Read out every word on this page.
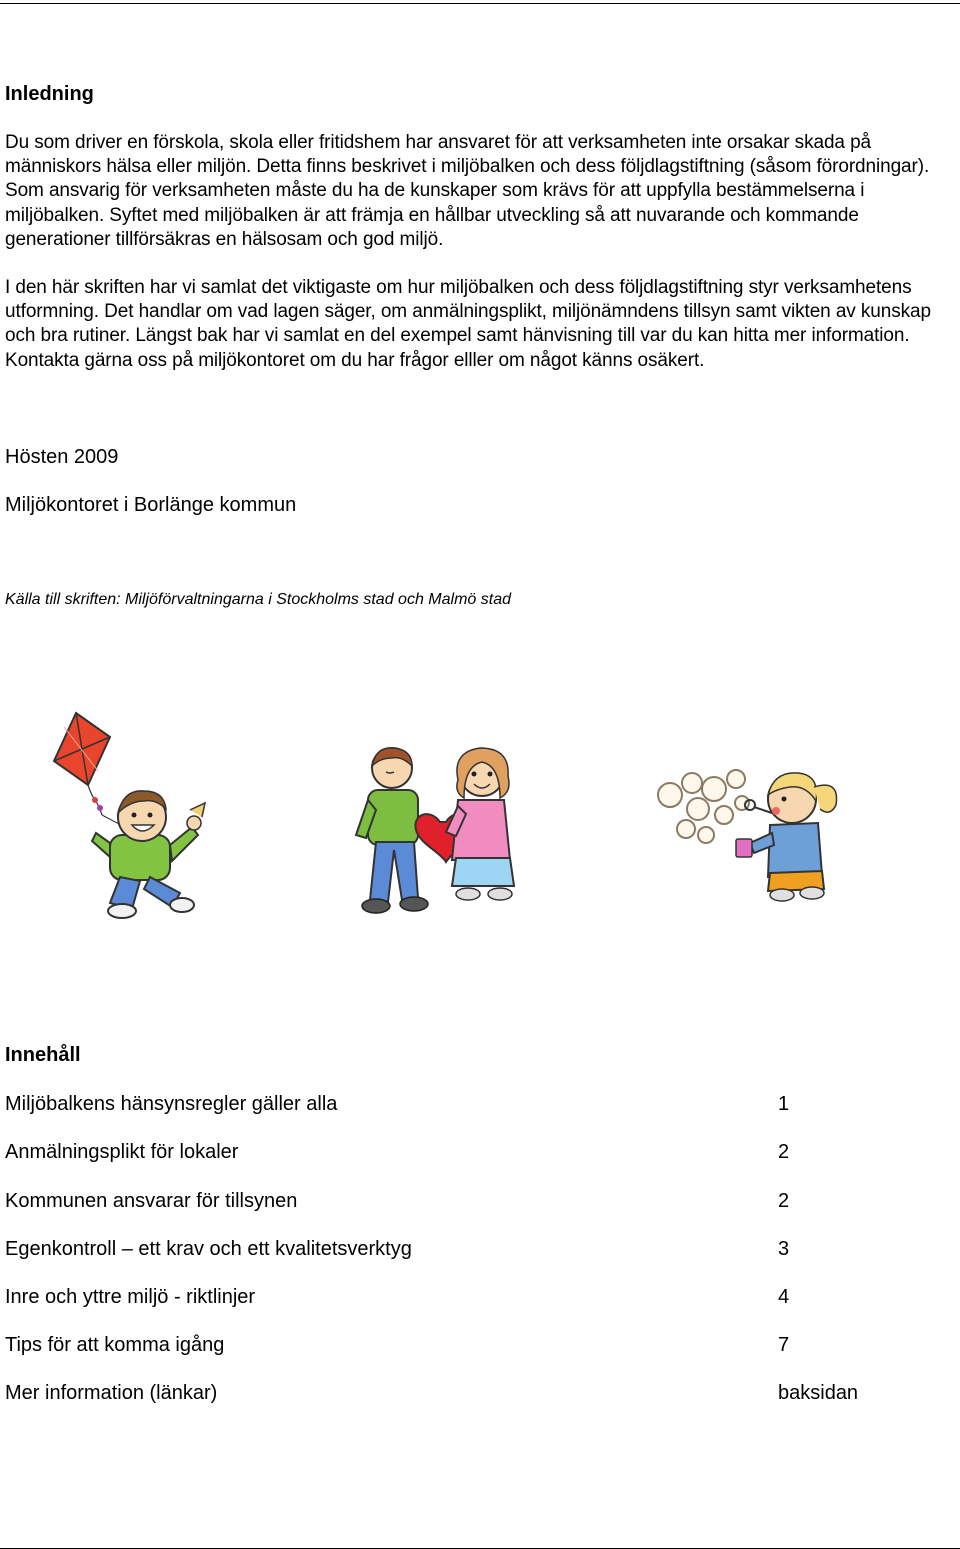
Inledning

Du som driver en förskola, skola eller fritidshem har ansvaret för att verksamheten inte orsakar skada på människors hälsa eller miljön. Detta finns beskrivet i miljöbalken och dess följdlagstiftning (såsom förordningar). Som ansvarig för verksamheten måste du ha de kunskaper som krävs för att uppfylla bestämmelserna i miljöbalken. Syftet med miljöbalken är att främja en hållbar utveckling så att nuvarande och kommande generationer tillförsäkras en hälsosam och god miljö.

I den här skriften har vi samlat det viktigaste om hur miljöbalken och dess följdlagstiftning styr verksamhetens utformning. Det handlar om vad lagen säger, om anmälningsplikt, miljönämndens tillsyn samt vikten av kunskap och bra rutiner. Längst bak har vi samlat en del exempel samt hänvisning till var du kan hitta mer information. Kontakta gärna oss på miljökontoret om du har frågor elller om något känns osäkert.

Hösten 2009

Miljökontoret i Borlänge kommun

Källa till skriften: Miljöförvaltningarna i Stockholms stad och Malmö stad
Innehåll
Miljöbalkens hänsynsregler gäller alla	1
Anmälningsplikt för lokaler	2
Kommunen ansvarar för tillsynen	2
Egenkontroll – ett krav och ett kvalitetsverktyg	3
Inre och yttre miljö - riktlinjer	4
Tips för att komma igång	7
Mer information (länkar)	baksidan
